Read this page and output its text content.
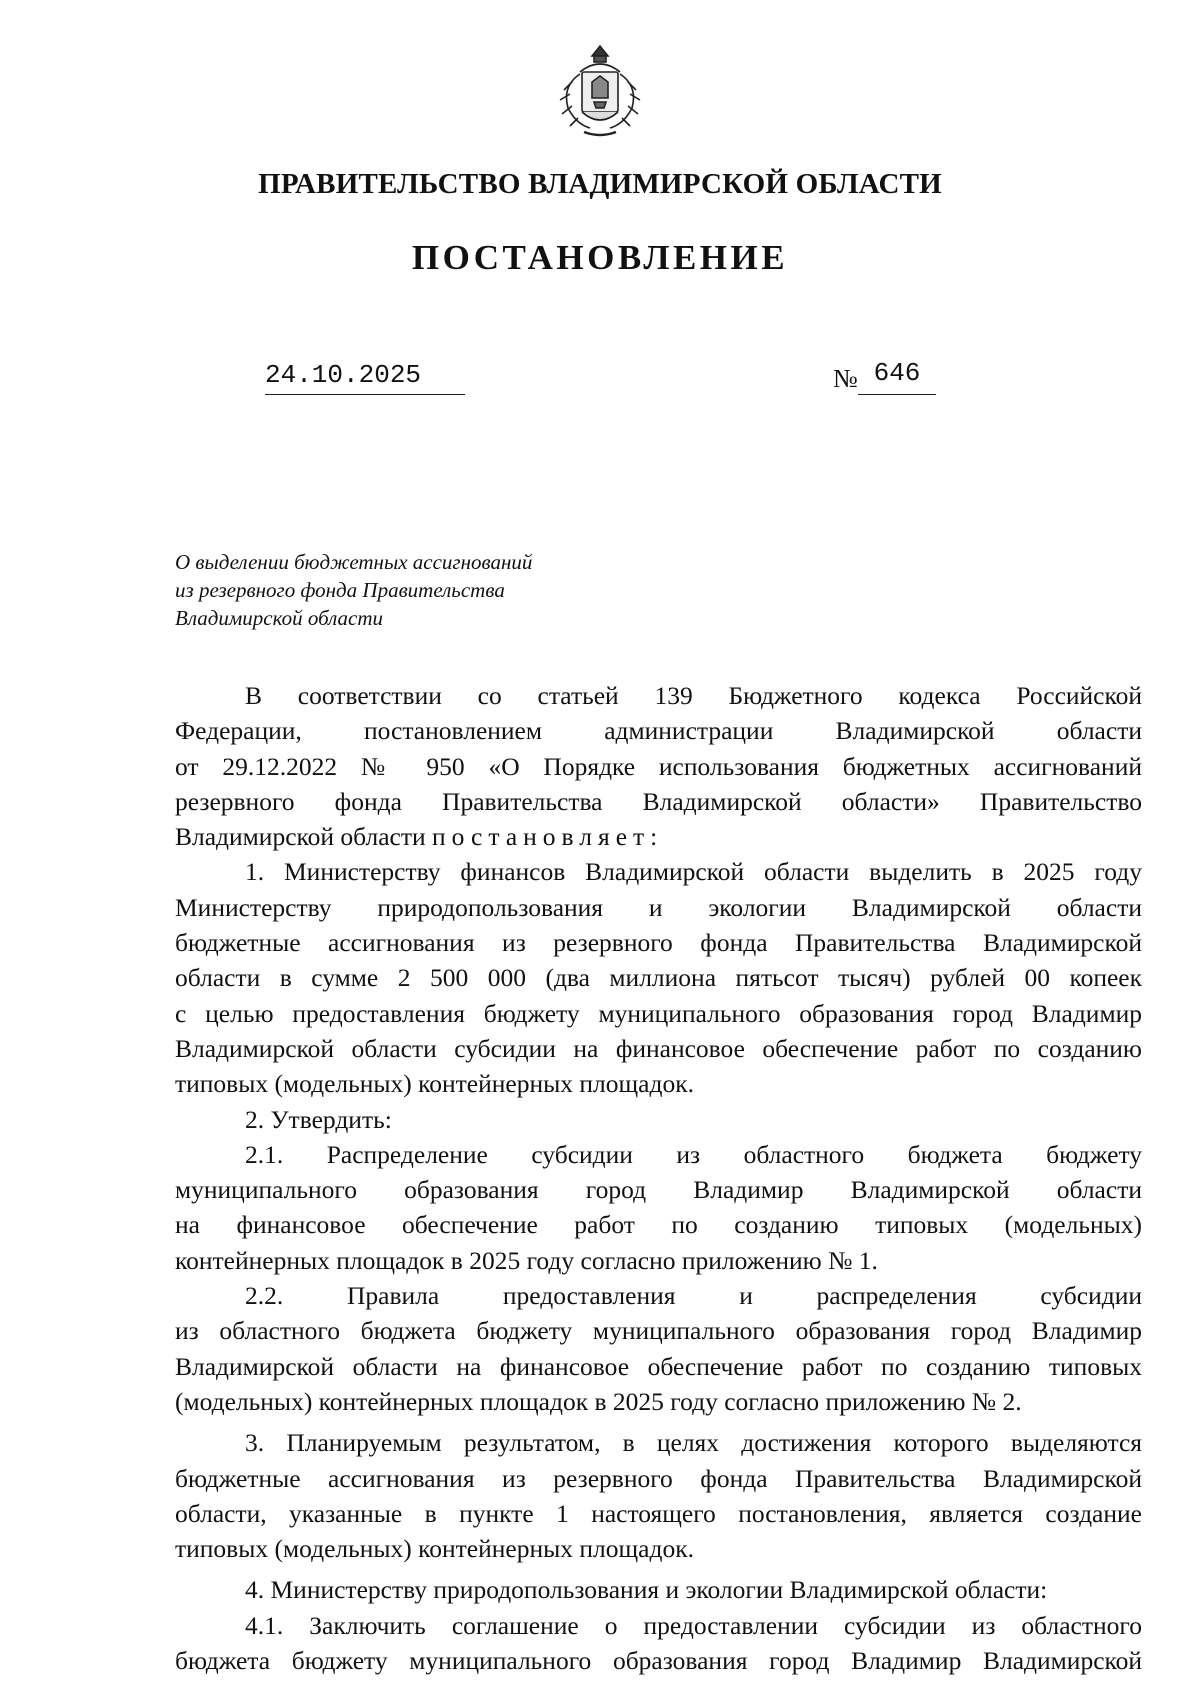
ПРАВИТЕЛЬСТВО ВЛАДИМИРСКОЙ ОБЛАСТИ
ПОСТАНОВЛЕНИЕ
24.10.2025	№ 646
О выделении бюджетных ассигнований
из резервного фонда Правительства
Владимирской области
В соответствии со статьей 139 Бюджетного кодекса Российской
Федерации, постановлением администрации Владимирской области
от 29.12.2022 № 950 «О Порядке использования бюджетных ассигнований
резервного фонда Правительства Владимирской области» Правительство
Владимирской области постановляет:
1. Министерству финансов Владимирской области выделить в 2025 году
Министерству природопользования и экологии Владимирской области
бюджетные ассигнования из резервного фонда Правительства Владимирской
области в сумме 2 500 000 (два миллиона пятьсот тысяч) рублей 00 копеек
с целью предоставления бюджету муниципального образования город Владимир
Владимирской области субсидии на финансовое обеспечение работ по созданию
типовых (модельных) контейнерных площадок.
2. Утвердить:
2.1. Распределение субсидии из областного бюджета бюджету
муниципального образования город Владимир Владимирской области
на финансовое обеспечение работ по созданию типовых (модельных)
контейнерных площадок в 2025 году согласно приложению № 1.
2.2. Правила предоставления и распределения субсидии
из областного бюджета бюджету муниципального образования город Владимир
Владимирской области на финансовое обеспечение работ по созданию типовых
(модельных) контейнерных площадок в 2025 году согласно приложению № 2.
3. Планируемым результатом, в целях достижения которого выделяются
бюджетные ассигнования из резервного фонда Правительства Владимирской
области, указанные в пункте 1 настоящего постановления, является создание
типовых (модельных) контейнерных площадок.
4. Министерству природопользования и экологии Владимирской области:
4.1. Заключить соглашение о предоставлении субсидии из областного
бюджета бюджету муниципального образования город Владимир Владимирской
